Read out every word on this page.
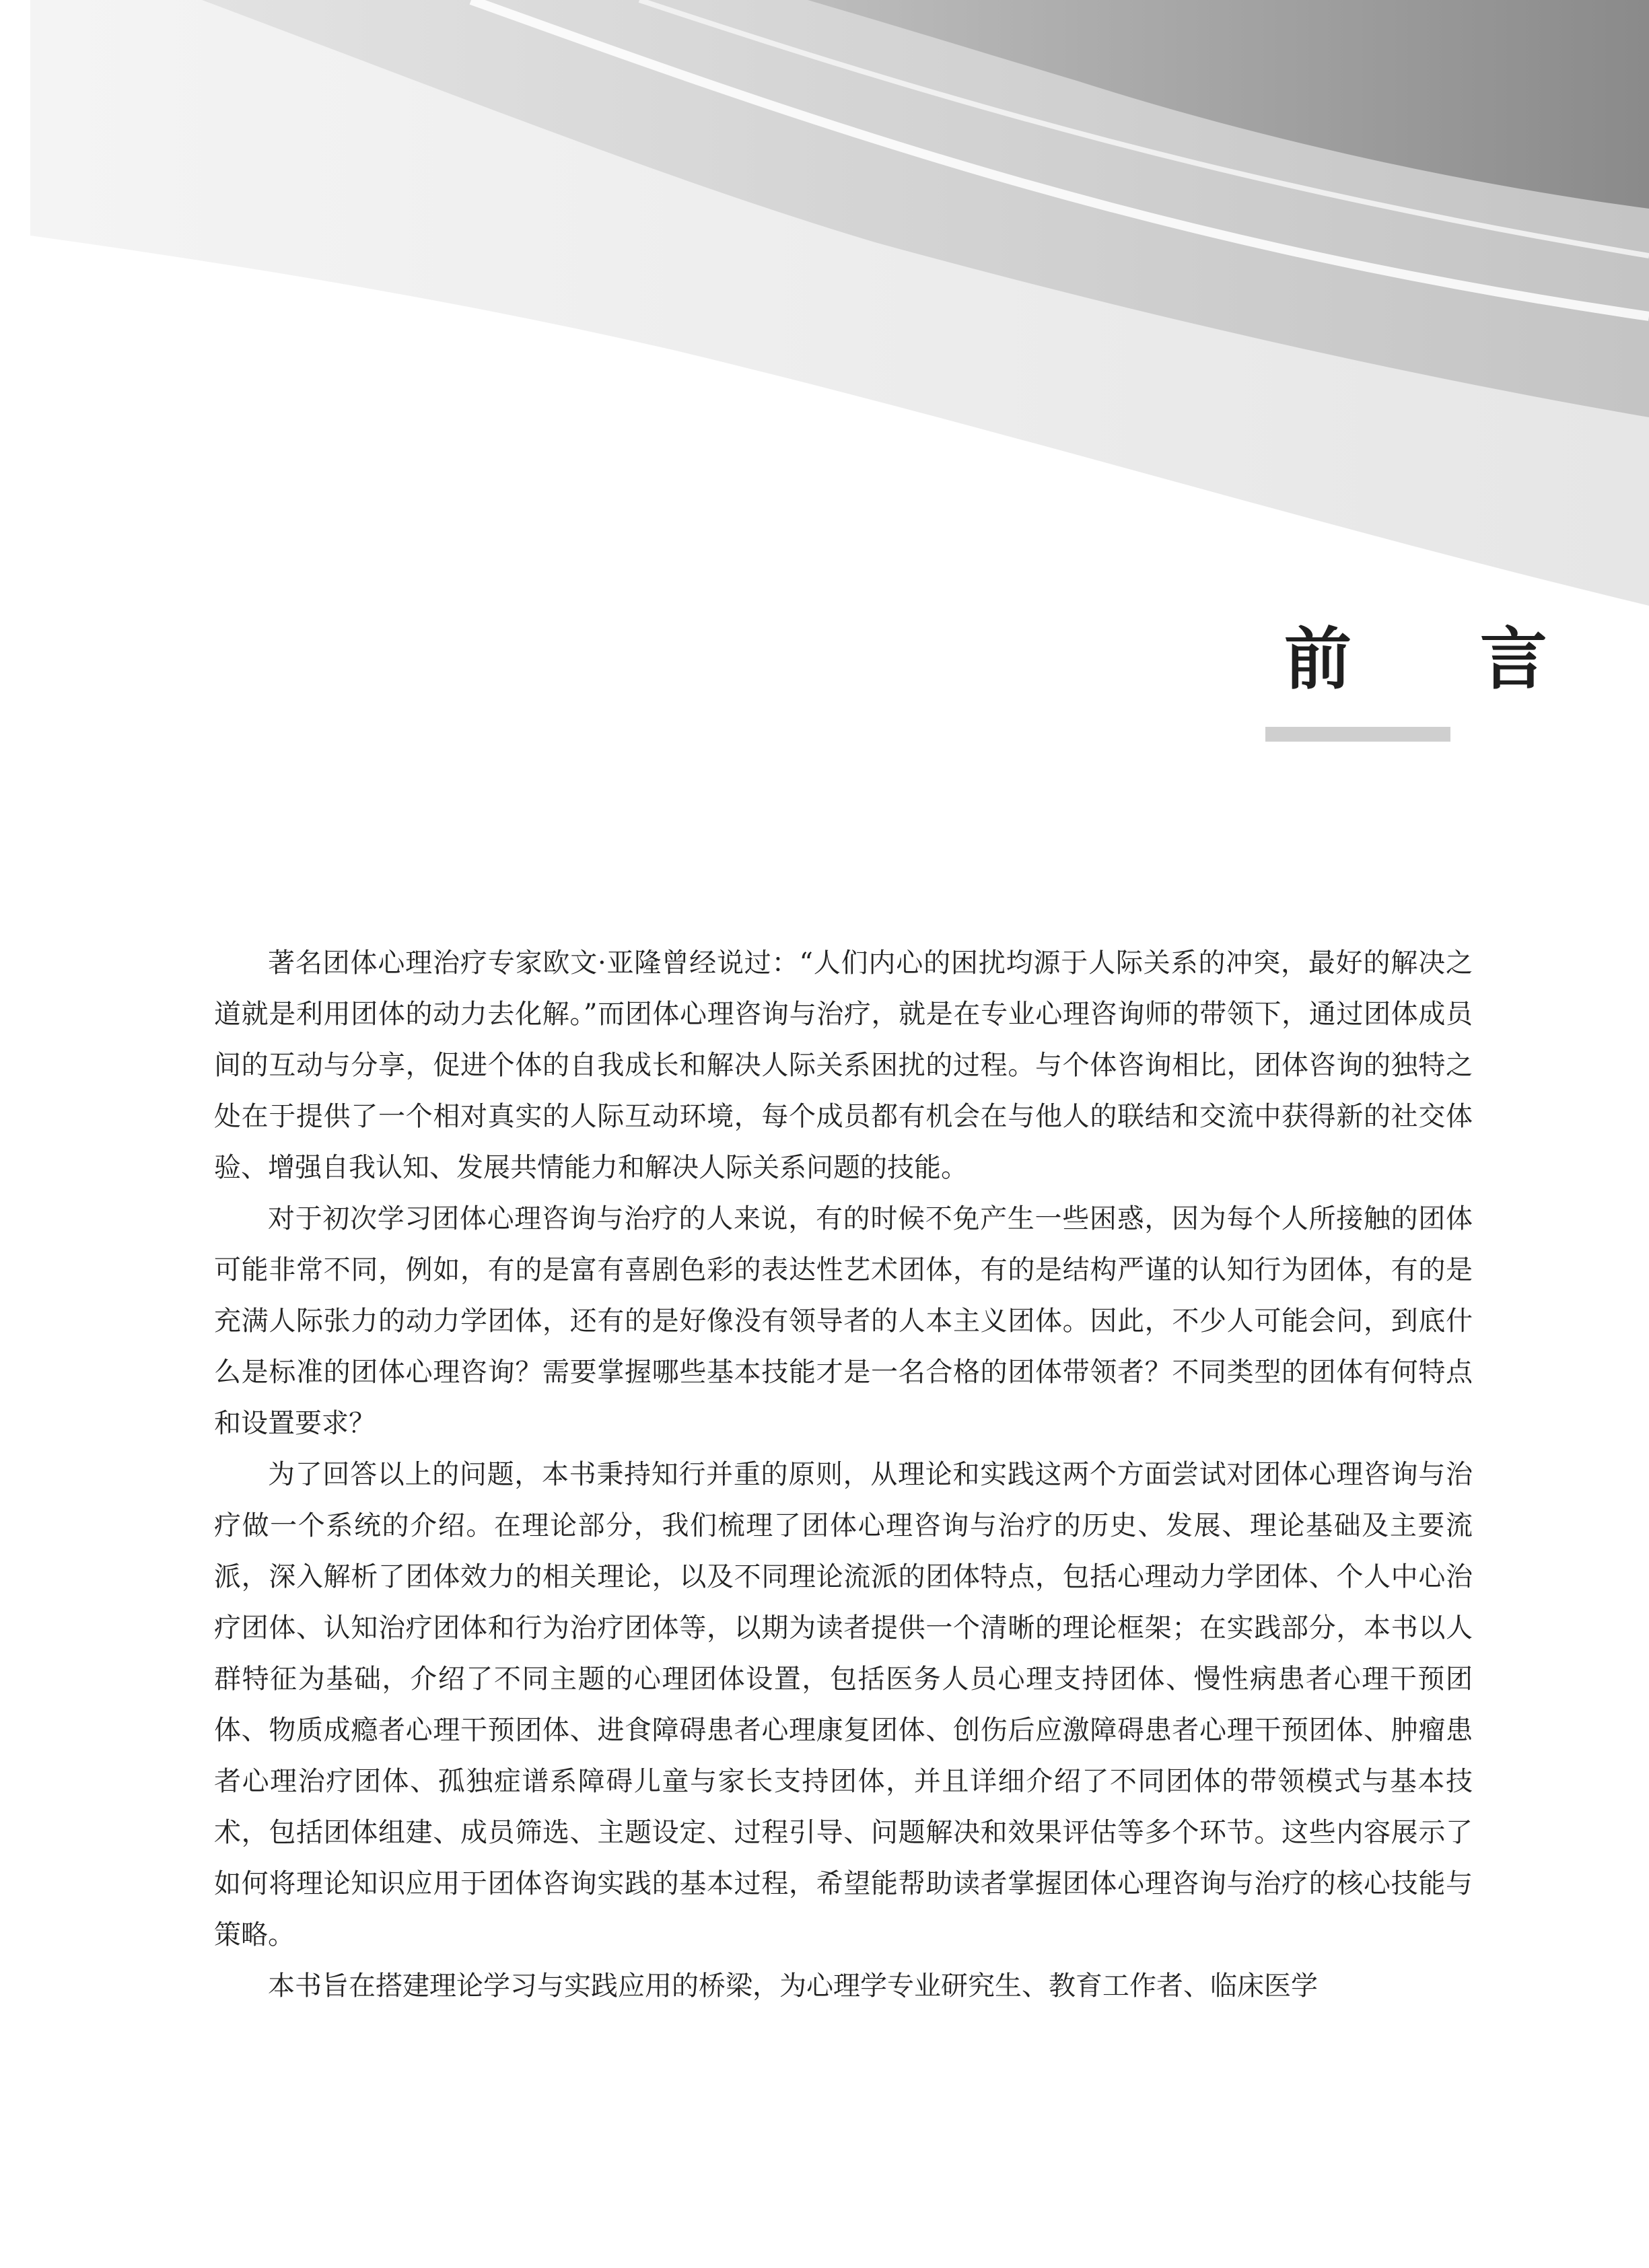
前 言

著名团体心理治疗专家欧文·亚隆曾经说过：“人们内心的困扰均源于人际关系的冲突，最好的解决之道就是利用团体的动力去化解。”而团体心理咨询与治疗，就是在专业心理咨询师的带领下，通过团体成员间的互动与分享，促进个体的自我成长和解决人际关系困扰的过程。与个体咨询相比，团体咨询的独特之处在于提供了一个相对真实的人际互动环境，每个成员都有机会在与他人的联结和交流中获得新的社交体验、增强自我认知、发展共情能力和解决人际关系问题的技能。

对于初次学习团体心理咨询与治疗的人来说，有的时候不免产生一些困惑，因为每个人所接触的团体可能非常不同，例如，有的是富有喜剧色彩的表达性艺术团体，有的是结构严谨的认知行为团体，有的是充满人际张力的动力学团体，还有的是好像没有领导者的人本主义团体。因此，不少人可能会问，到底什么是标准的团体心理咨询？需要掌握哪些基本技能才是一名合格的团体带领者？不同类型的团体有何特点和设置要求？

为了回答以上的问题，本书秉持知行并重的原则，从理论和实践这两个方面尝试对团体心理咨询与治疗做一个系统的介绍。在理论部分，我们梳理了团体心理咨询与治疗的历史、发展、理论基础及主要流派，深入解析了团体效力的相关理论，以及不同理论流派的团体特点，包括心理动力学团体、个人中心治疗团体、认知治疗团体和行为治疗团体等，以期为读者提供一个清晰的理论框架；在实践部分，本书以人群特征为基础，介绍了不同主题的心理团体设置，包括医务人员心理支持团体、慢性病患者心理干预团体、物质成瘾者心理干预团体、进食障碍患者心理康复团体、创伤后应激障碍患者心理干预团体、肿瘤患者心理治疗团体、孤独症谱系障碍儿童与家长支持团体，并且详细介绍了不同团体的带领模式与基本技术，包括团体组建、成员筛选、主题设定、过程引导、问题解决和效果评估等多个环节。这些内容展示了如何将理论知识应用于团体咨询实践的基本过程，希望能帮助读者掌握团体心理咨询与治疗的核心技能与策略。

本书旨在搭建理论学习与实践应用的桥梁，为心理学专业研究生、教育工作者、临床医学
